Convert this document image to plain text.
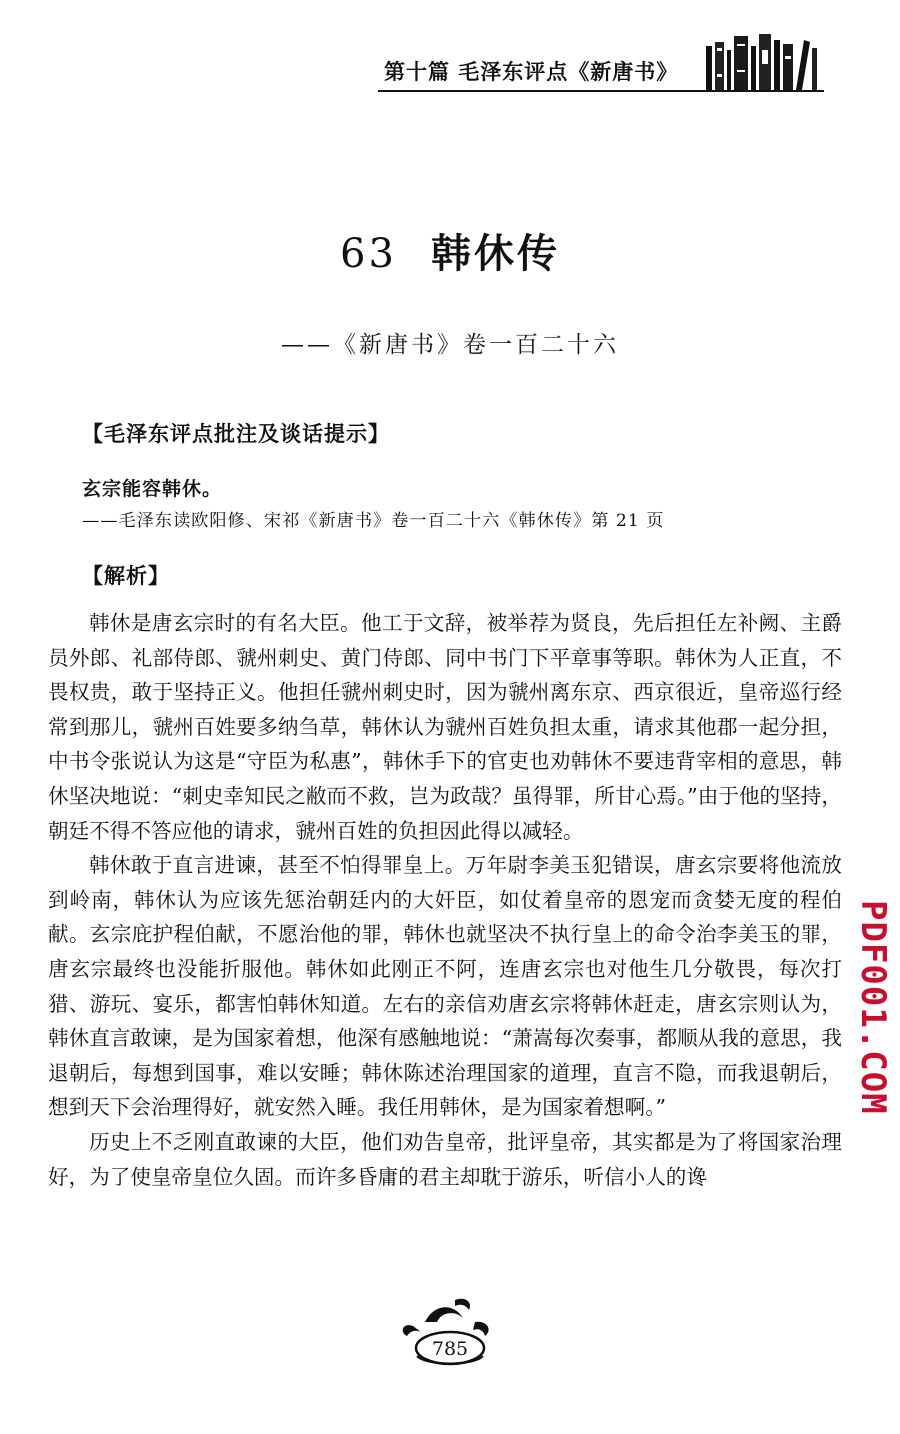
第十篇 毛泽东评点《新唐书》
63 韩休传
——《新唐书》卷一百二十六
【毛泽东评点批注及谈话提示】
玄宗能容韩休。
——毛泽东读欧阳修、宋祁《新唐书》卷一百二十六《韩休传》第 21 页
【解析】

韩休是唐玄宗时的有名大臣。他工于文辞，被举荐为贤良，先后担任左补阙、主爵员外郎、礼部侍郎、虢州刺史、黄门侍郎、同中书门下平章事等职。韩休为人正直，不畏权贵，敢于坚持正义。他担任虢州刺史时，因为虢州离东京、西京很近，皇帝巡行经常到那儿，虢州百姓要多纳刍草，韩休认为虢州百姓负担太重，请求其他郡一起分担，中书令张说认为这是“守臣为私惠”，韩休手下的官吏也劝韩休不要违背宰相的意思，韩休坚决地说：“刺史幸知民之敝而不救，岂为政哉？虽得罪，所甘心焉。”由于他的坚持，朝廷不得不答应他的请求，虢州百姓的负担因此得以减轻。

韩休敢于直言进谏，甚至不怕得罪皇上。万年尉李美玉犯错误，唐玄宗要将他流放到岭南，韩休认为应该先惩治朝廷内的大奸臣，如仗着皇帝的恩宠而贪婪无度的程伯献。玄宗庇护程伯献，不愿治他的罪，韩休也就坚决不执行皇上的命令治李美玉的罪，唐玄宗最终也没能折服他。韩休如此刚正不阿，连唐玄宗也对他生几分敬畏，每次打猎、游玩、宴乐，都害怕韩休知道。左右的亲信劝唐玄宗将韩休赶走，唐玄宗则认为，韩休直言敢谏，是为国家着想，他深有感触地说：“萧嵩每次奏事，都顺从我的意思，我退朝后，每想到国事，难以安睡；韩休陈述治理国家的道理，直言不隐，而我退朝后，想到天下会治理得好，就安然入睡。我任用韩休，是为国家着想啊。”

历史上不乏刚直敢谏的大臣，他们劝告皇帝，批评皇帝，其实都是为了将国家治理好，为了使皇帝皇位久固。而许多昏庸的君主却耽于游乐，听信小人的谗

PDF001.COM
785
